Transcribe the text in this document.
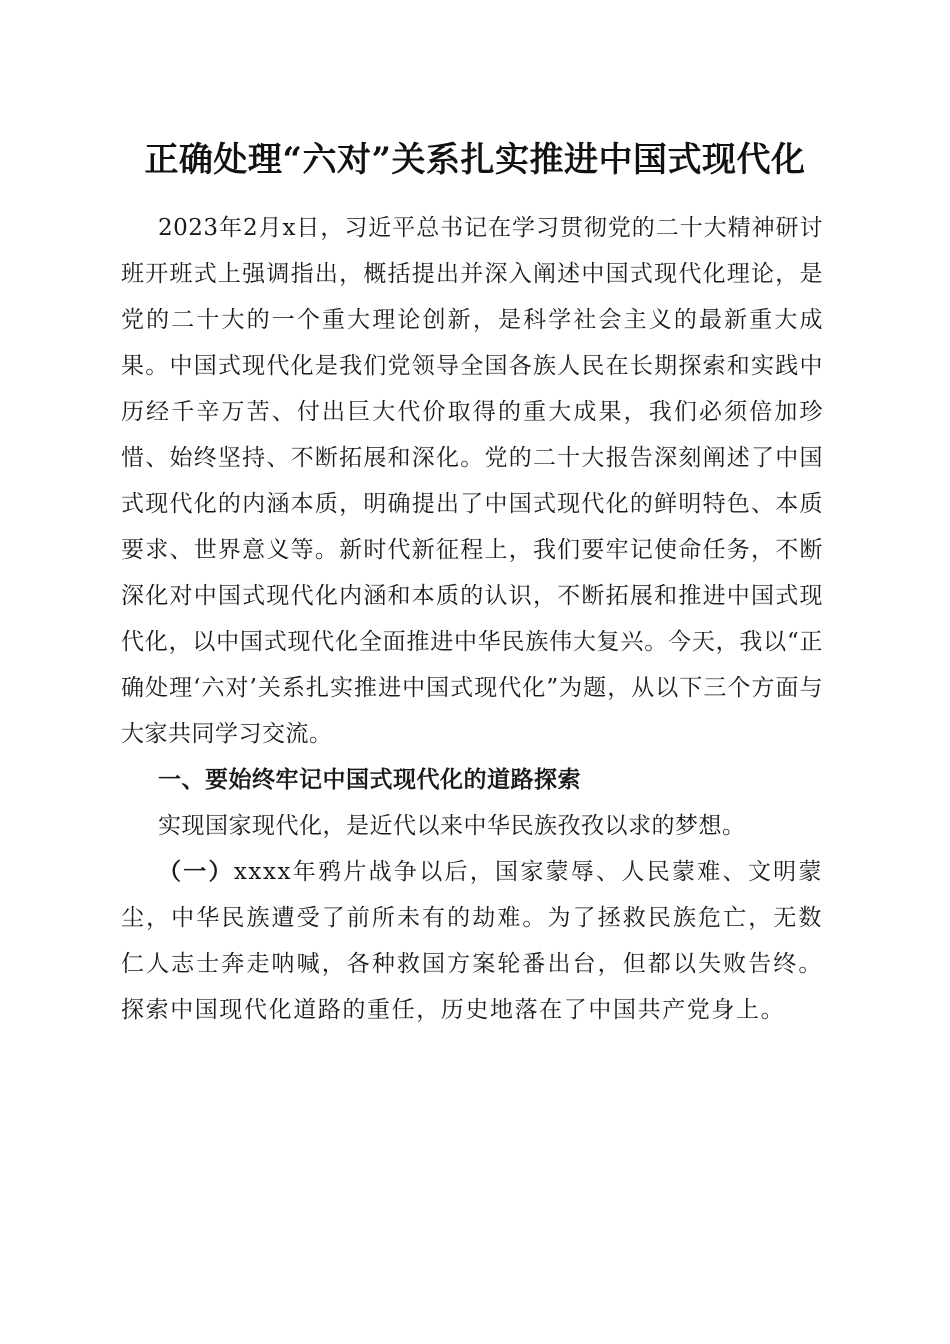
正确处理“六对”关系扎实推进中国式现代化

2023年2月x日，习近平总书记在学习贯彻党的二十大精神研讨班开班式上强调指出，概括提出并深入阐述中国式现代化理论，是党的二十大的一个重大理论创新，是科学社会主义的最新重大成果。中国式现代化是我们党领导全国各族人民在长期探索和实践中历经千辛万苦、付出巨大代价取得的重大成果，我们必须倍加珍惜、始终坚持、不断拓展和深化。党的二十大报告深刻阐述了中国式现代化的内涵本质，明确提出了中国式现代化的鲜明特色、本质要求、世界意义等。新时代新征程上，我们要牢记使命任务，不断深化对中国式现代化内涵和本质的认识，不断拓展和推进中国式现代化，以中国式现代化全面推进中华民族伟大复兴。今天，我以“正确处理‘六对’关系扎实推进中国式现代化”为题，从以下三个方面与大家共同学习交流。

一、要始终牢记中国式现代化的道路探索

实现国家现代化，是近代以来中华民族孜孜以求的梦想。

（一）xxxx年鸦片战争以后，国家蒙辱、人民蒙难、文明蒙尘，中华民族遭受了前所未有的劫难。为了拯救民族危亡，无数仁人志士奔走呐喊，各种救国方案轮番出台，但都以失败告终。探索中国现代化道路的重任，历史地落在了中国共产党身上。
